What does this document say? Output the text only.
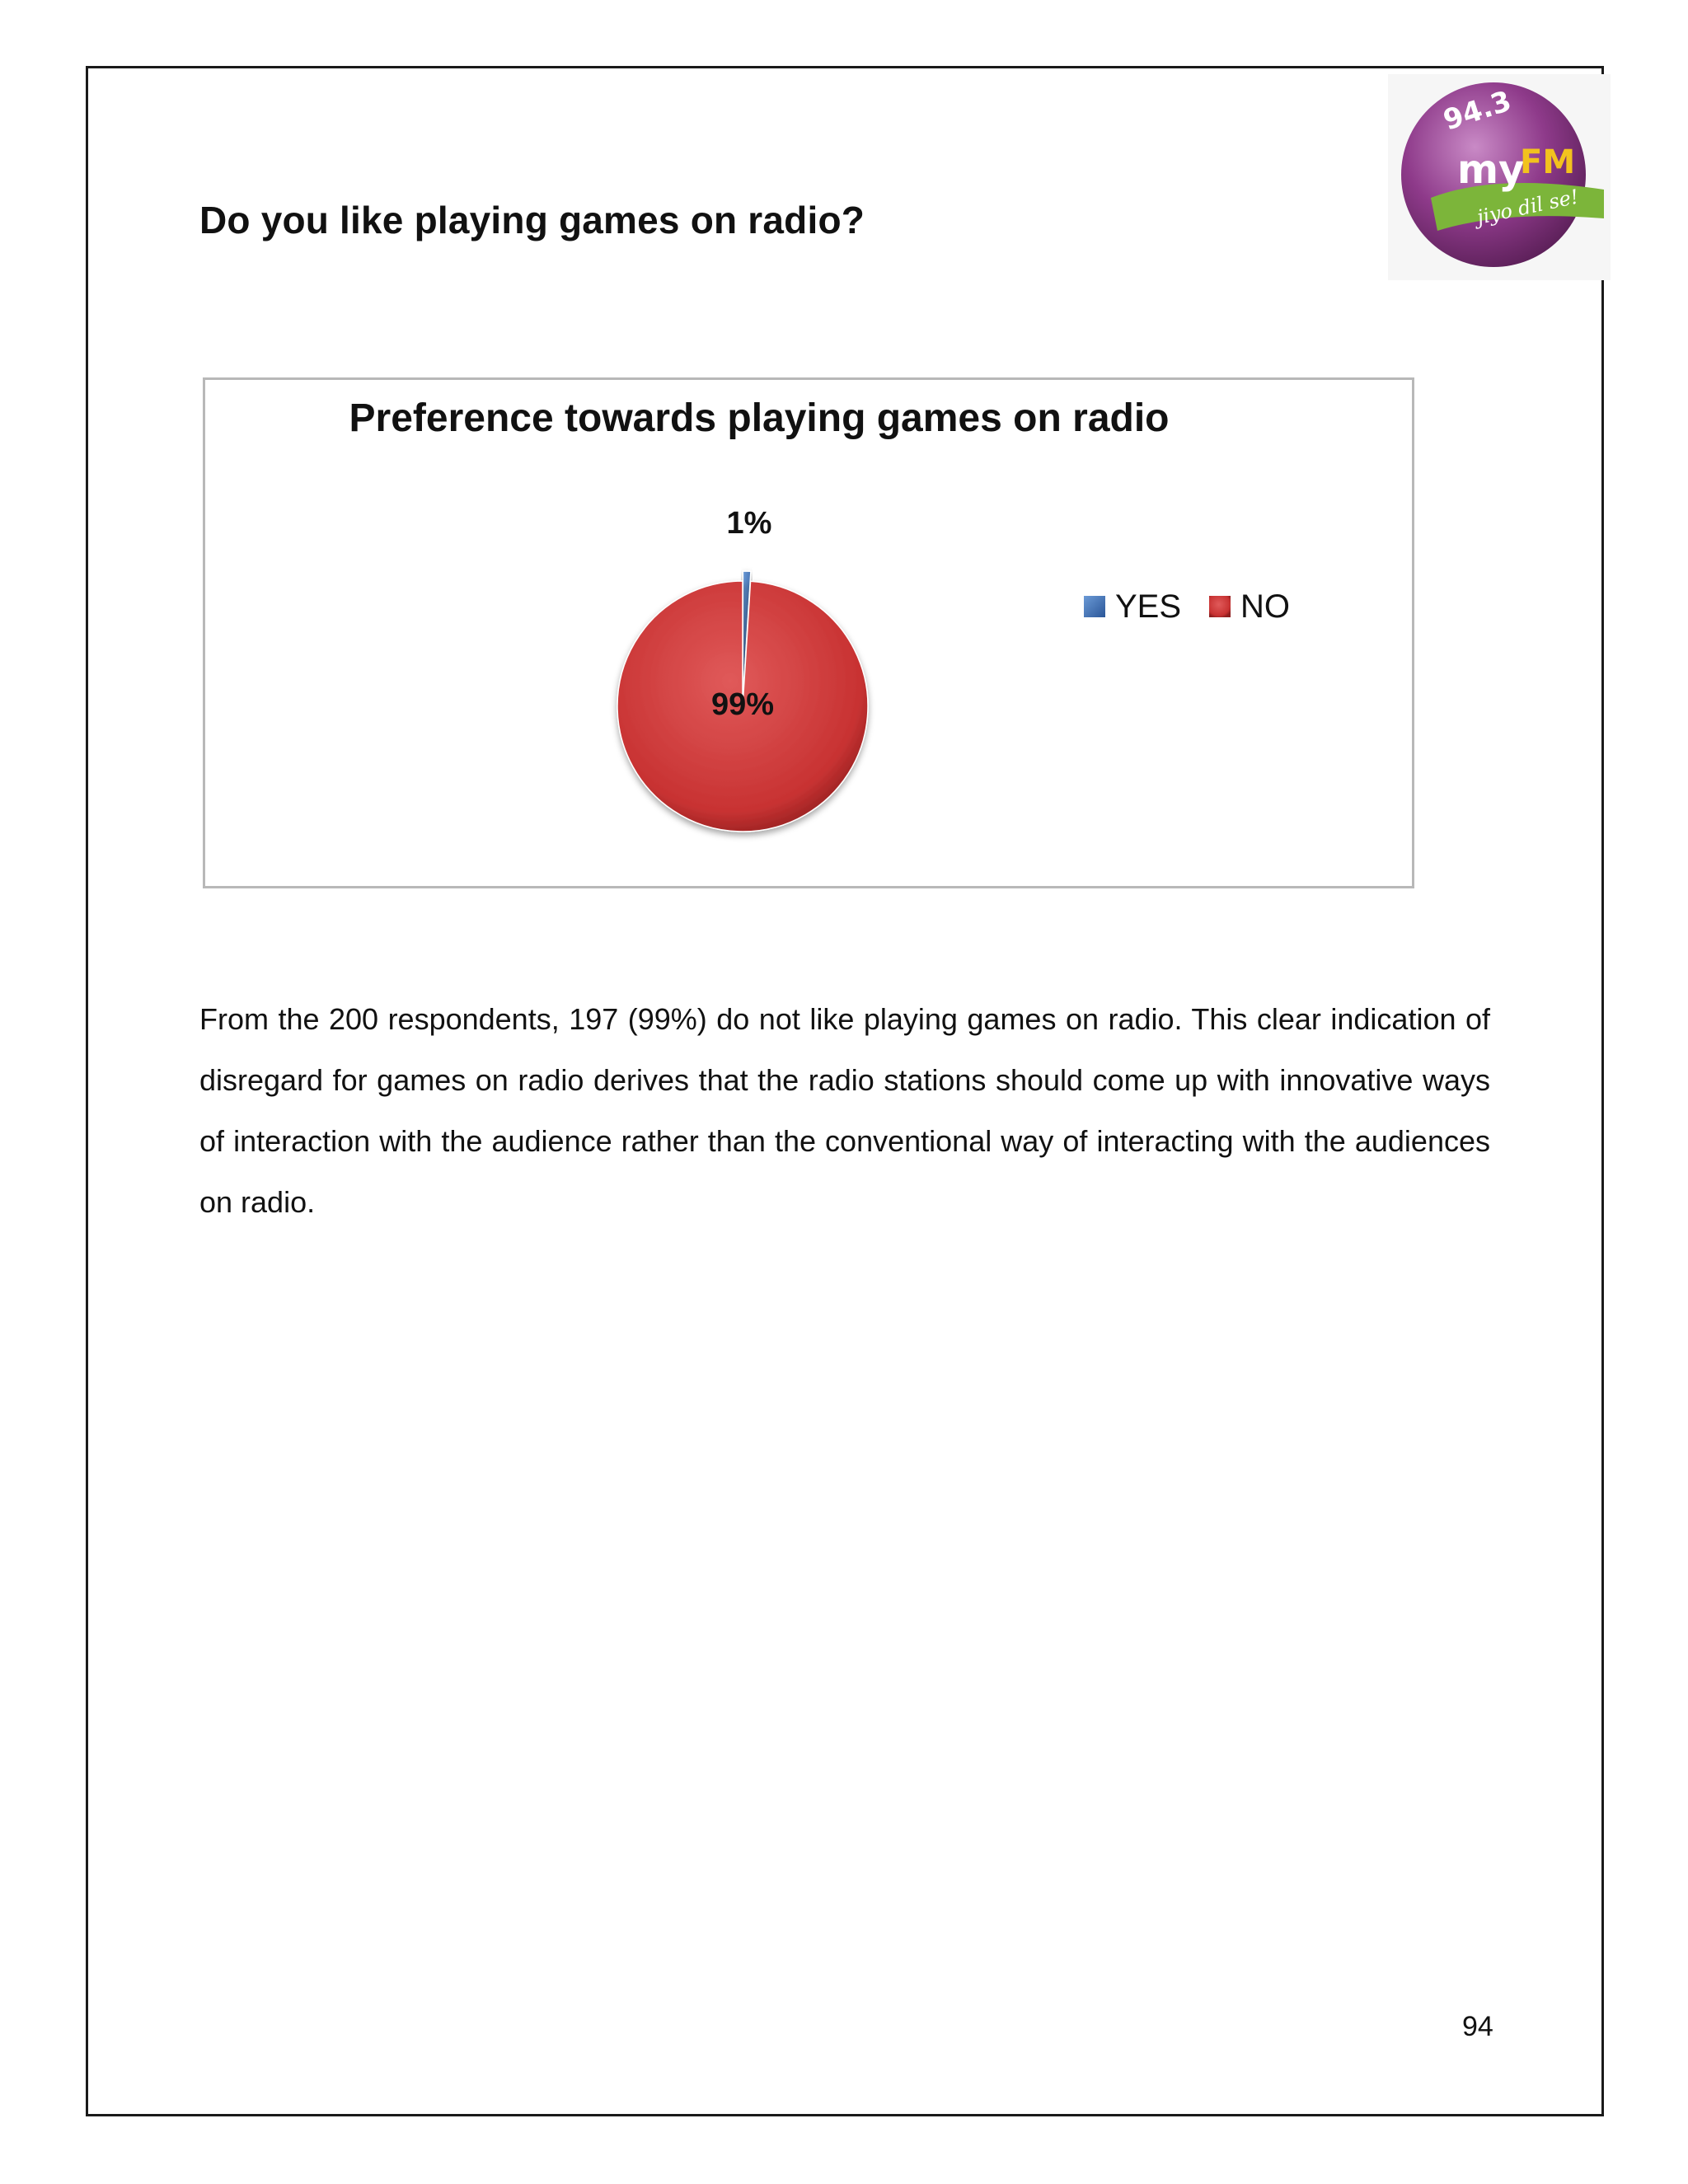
94.3
my
FM
jiyo dil se!
Do you like playing games on radio?
Preference towards playing games on radio
1%
99%
YES NO

From the 200 respondents, 197 (99%) do not like playing games on radio. This clear indication of disregard for games on radio derives that the radio stations should come up with innovative ways of interaction with the audience rather than the conventional way of interacting with the audiences on radio.

94
